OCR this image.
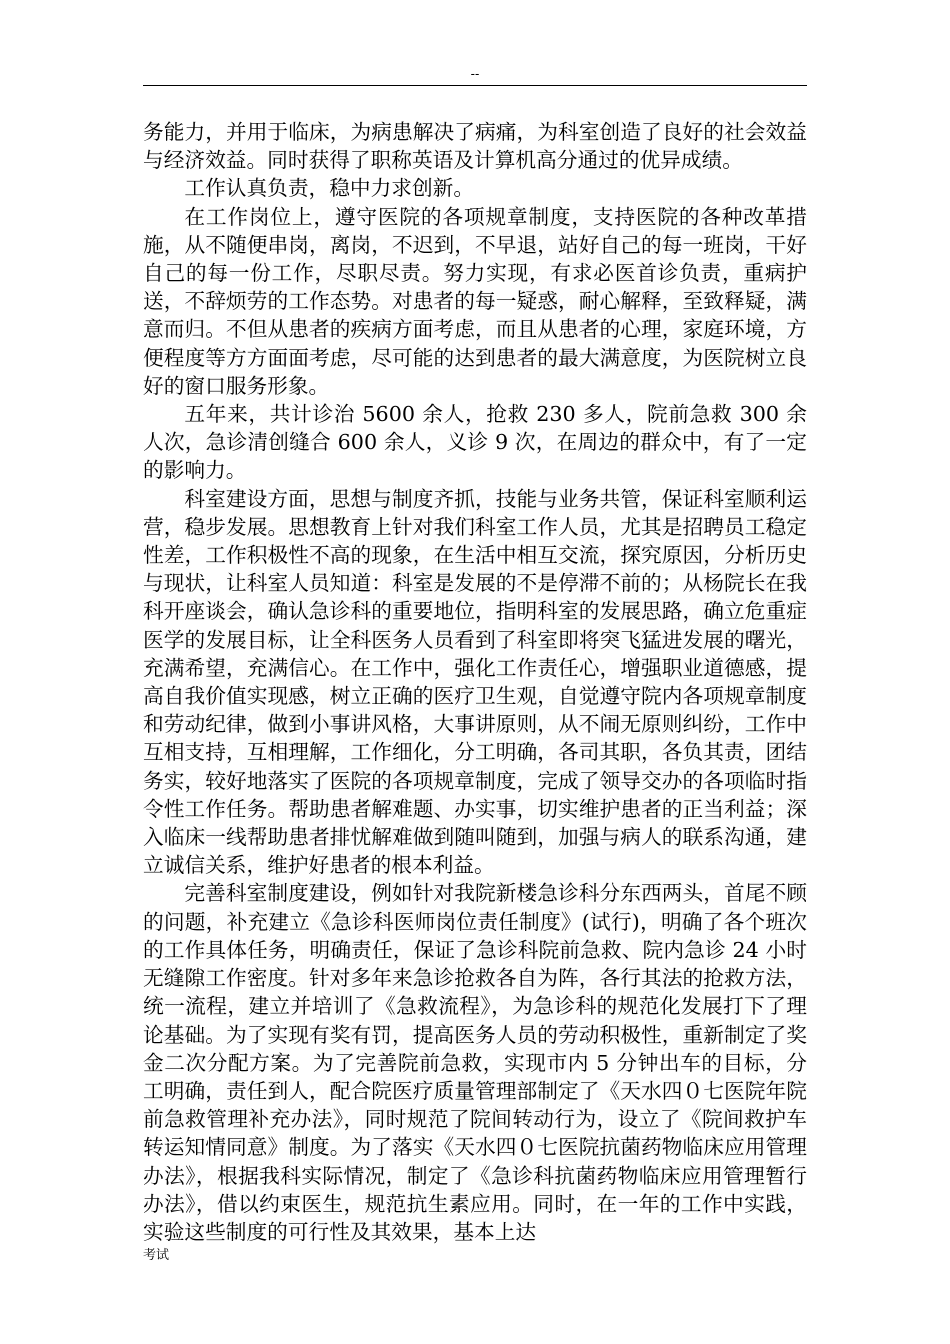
--

务能力，并用于临床，为病患解决了病痛，为科室创造了良好的社会效益与经济效益。同时获得了职称英语及计算机高分通过的优异成绩。

工作认真负责，稳中力求创新。

在工作岗位上，遵守医院的各项规章制度，支持医院的各种改革措施，从不随便串岗，离岗，不迟到，不早退，站好自己的每一班岗，干好自己的每一份工作，尽职尽责。努力实现，有求必医首诊负责，重病护送，不辞烦劳的工作态势。对患者的每一疑惑，耐心解释，至致释疑，满意而归。不但从患者的疾病方面考虑，而且从患者的心理，家庭环境，方便程度等方方面面考虑，尽可能的达到患者的最大满意度，为医院树立良好的窗口服务形象。

五年来，共计诊治 5600 余人，抢救 230 多人，院前急救 300 余人次，急诊清创缝合 600 余人，义诊 9 次，在周边的群众中，有了一定的影响力。

科室建设方面，思想与制度齐抓，技能与业务共管，保证科室顺利运营，稳步发展。思想教育上针对我们科室工作人员，尤其是招聘员工稳定性差，工作积极性不高的现象，在生活中相互交流，探究原因，分析历史与现状，让科室人员知道：科室是发展的不是停滞不前的；从杨院长在我科开座谈会，确认急诊科的重要地位，指明科室的发展思路，确立危重症医学的发展目标，让全科医务人员看到了科室即将突飞猛进发展的曙光，充满希望，充满信心。在工作中，强化工作责任心，增强职业道德感，提高自我价值实现感，树立正确的医疗卫生观，自觉遵守院内各项规章制度和劳动纪律，做到小事讲风格，大事讲原则，从不闹无原则纠纷，工作中互相支持，互相理解，工作细化，分工明确，各司其职，各负其责，团结务实，较好地落实了医院的各项规章制度，完成了领导交办的各项临时指令性工作任务。帮助患者解难题、办实事，切实维护患者的正当利益；深入临床一线帮助患者排忧解难做到随叫随到，加强与病人的联系沟通，建立诚信关系，维护好患者的根本利益。

完善科室制度建设，例如针对我院新楼急诊科分东西两头，首尾不顾的问题，补充建立《急诊科医师岗位责任制度》(试行)，明确了各个班次的工作具体任务，明确责任，保证了急诊科院前急救、院内急诊 24 小时无缝隙工作密度。针对多年来急诊抢救各自为阵，各行其法的抢救方法，统一流程，建立并培训了《急救流程》，为急诊科的规范化发展打下了理论基础。为了实现有奖有罚，提高医务人员的劳动积极性，重新制定了奖金二次分配方案。为了完善院前急救，实现市内 5 分钟出车的目标，分工明确，责任到人，配合院医疗质量管理部制定了《天水四０七医院年院前急救管理补充办法》，同时规范了院间转动行为，设立了《院间救护车转运知情同意》制度。为了落实《天水四０七医院抗菌药物临床应用管理办法》，根据我科实际情况，制定了《急诊科抗菌药物临床应用管理暂行办法》，借以约束医生，规范抗生素应用。同时，在一年的工作中实践，实验这些制度的可行性及其效果，基本上达

考试
